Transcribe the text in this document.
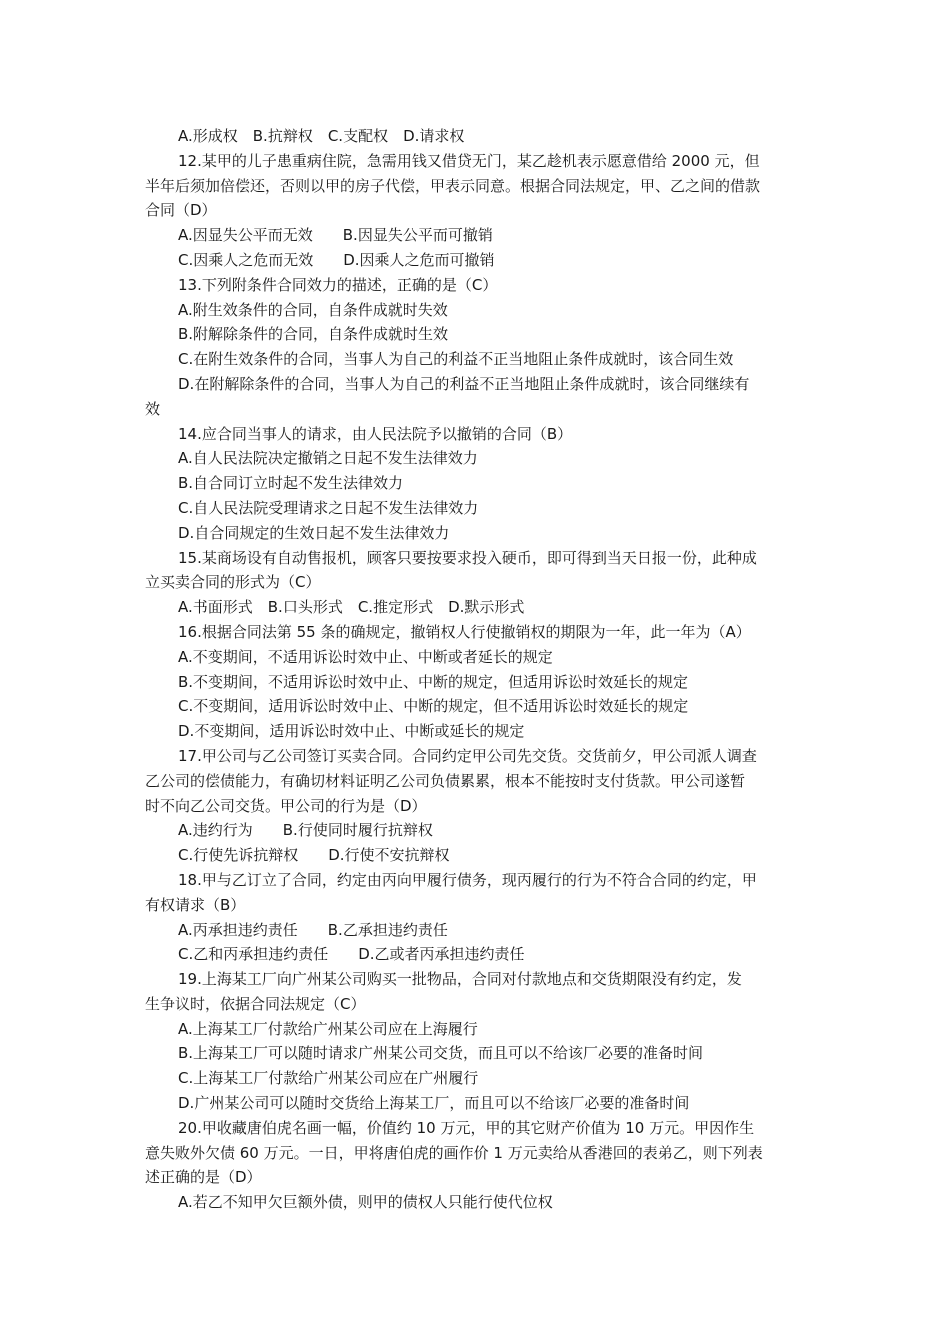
A.形成权　B.抗辩权　C.支配权　D.请求权
12.某甲的儿子患重病住院，急需用钱又借贷无门，某乙趁机表示愿意借给 2000 元，但
半年后须加倍偿还，否则以甲的房子代偿，甲表示同意。根据合同法规定，甲、乙之间的借款
合同（D）
A.因显失公平而无效　　B.因显失公平而可撤销
C.因乘人之危而无效　　D.因乘人之危而可撤销
13.下列附条件合同效力的描述，正确的是（C）
A.附生效条件的合同，自条件成就时失效
B.附解除条件的合同，自条件成就时生效
C.在附生效条件的合同，当事人为自己的利益不正当地阻止条件成就时，该合同生效
D.在附解除条件的合同，当事人为自己的利益不正当地阻止条件成就时，该合同继续有
效
14.应合同当事人的请求，由人民法院予以撤销的合同（B）
A.自人民法院决定撤销之日起不发生法律效力
B.自合同订立时起不发生法律效力
C.自人民法院受理请求之日起不发生法律效力
D.自合同规定的生效日起不发生法律效力
15.某商场设有自动售报机，顾客只要按要求投入硬币，即可得到当天日报一份，此种成
立买卖合同的形式为（C）
A.书面形式　B.口头形式　C.推定形式　D.默示形式
16.根据合同法第 55 条的确规定，撤销权人行使撤销权的期限为一年，此一年为（A）
A.不变期间，不适用诉讼时效中止、中断或者延长的规定
B.不变期间，不适用诉讼时效中止、中断的规定，但适用诉讼时效延长的规定
C.不变期间，适用诉讼时效中止、中断的规定，但不适用诉讼时效延长的规定
D.不变期间，适用诉讼时效中止、中断或延长的规定
17.甲公司与乙公司签订买卖合同。合同约定甲公司先交货。交货前夕，甲公司派人调查
乙公司的偿债能力，有确切材料证明乙公司负债累累，根本不能按时支付货款。甲公司遂暂
时不向乙公司交货。甲公司的行为是（D）
A.违约行为　　B.行使同时履行抗辩权
C.行使先诉抗辩权　　D.行使不安抗辩权
18.甲与乙订立了合同，约定由丙向甲履行债务，现丙履行的行为不符合合同的约定，甲
有权请求（B）
A.丙承担违约责任　　B.乙承担违约责任
C.乙和丙承担违约责任　　D.乙或者丙承担违约责任
19.上海某工厂向广州某公司购买一批物品，合同对付款地点和交货期限没有约定，发
生争议时，依据合同法规定（C）
A.上海某工厂付款给广州某公司应在上海履行
B.上海某工厂可以随时请求广州某公司交货，而且可以不给该厂必要的准备时间
C.上海某工厂付款给广州某公司应在广州履行
D.广州某公司可以随时交货给上海某工厂，而且可以不给该厂必要的准备时间
20.甲收藏唐伯虎名画一幅，价值约 10 万元，甲的其它财产价值为 10 万元。甲因作生
意失败外欠债 60 万元。一日，甲将唐伯虎的画作价 1 万元卖给从香港回的表弟乙，则下列表
述正确的是（D）
A.若乙不知甲欠巨额外债，则甲的债权人只能行使代位权
